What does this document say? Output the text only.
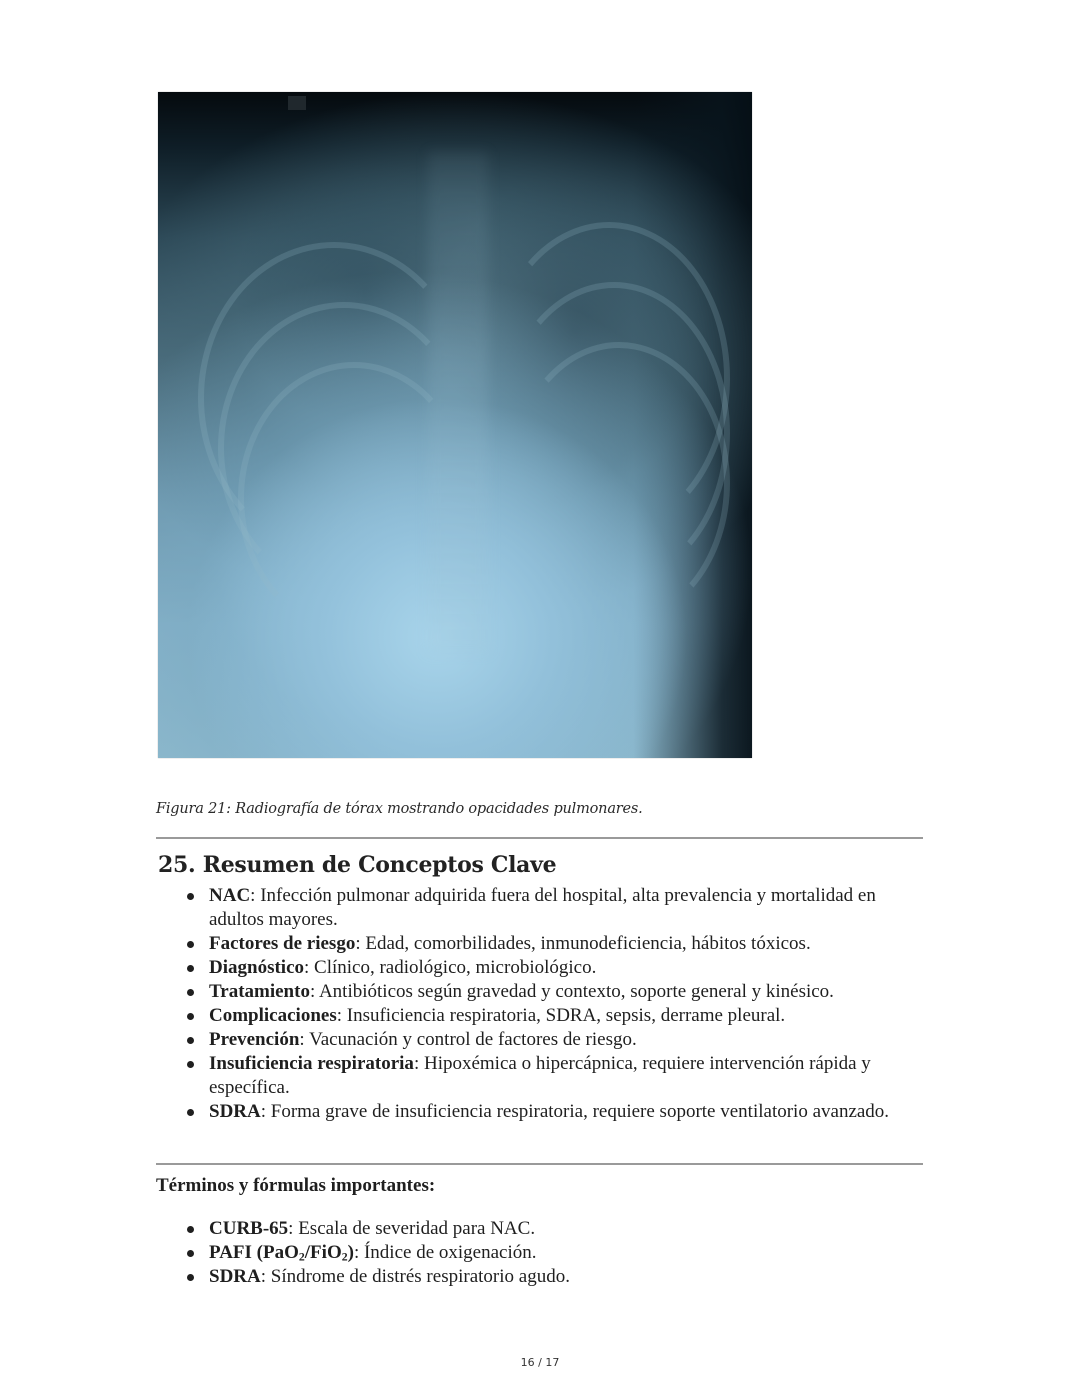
Figura 21: Radiografía de tórax mostrando opacidades pulmonares.
25. Resumen de Conceptos Clave
NAC: Infección pulmonar adquirida fuera del hospital, alta prevalencia y mortalidad en adultos mayores.
Factores de riesgo: Edad, comorbilidades, inmunodeficiencia, hábitos tóxicos.
Diagnóstico: Clínico, radiológico, microbiológico.
Tratamiento: Antibióticos según gravedad y contexto, soporte general y kinésico.
Complicaciones: Insuficiencia respiratoria, SDRA, sepsis, derrame pleural.
Prevención: Vacunación y control de factores de riesgo.
Insuficiencia respiratoria: Hipoxémica o hipercápnica, requiere intervención rápida y específica.
SDRA: Forma grave de insuficiencia respiratoria, requiere soporte ventilatorio avanzado.

Términos y fórmulas importantes:

CURB-65: Escala de severidad para NAC.
PAFI (PaO$_2$/FiO$_2$): Índice de oxigenación.
SDRA: Síndrome de distrés respiratorio agudo.
16 / 17
